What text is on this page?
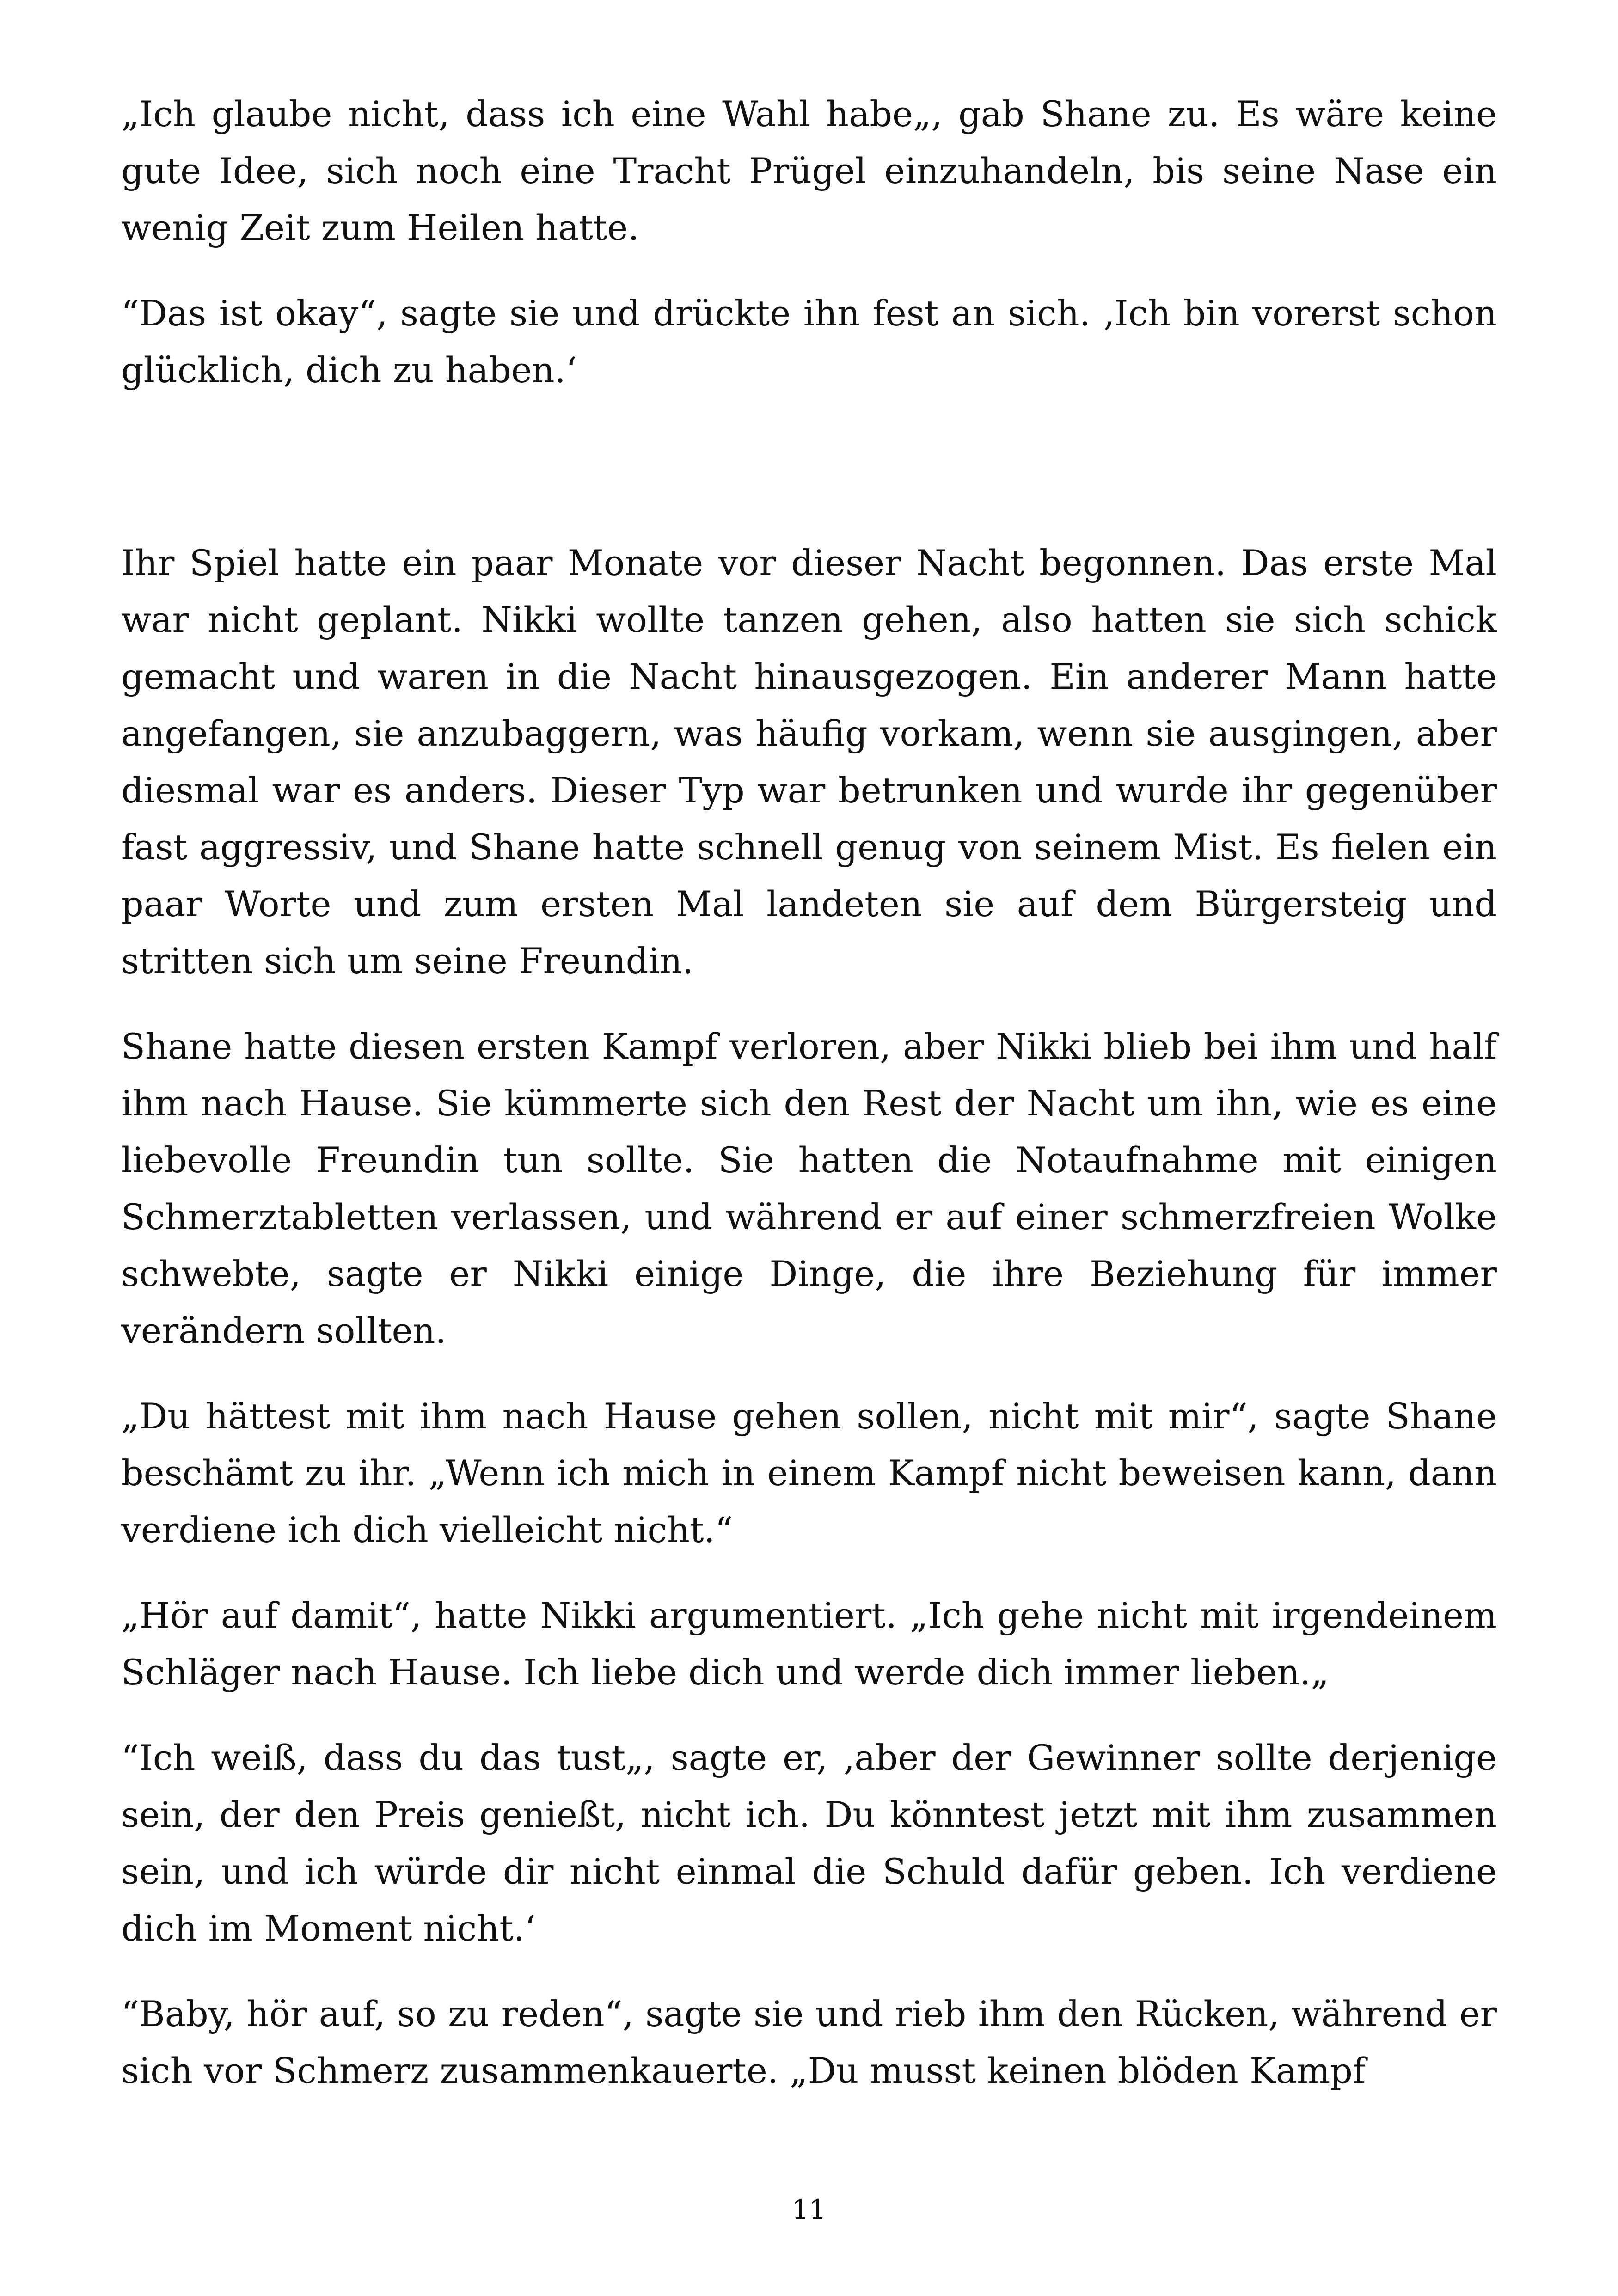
„Ich glaube nicht, dass ich eine Wahl habe„, gab Shane zu. Es wäre keine gute Idee, sich noch eine Tracht Prügel einzuhandeln, bis seine Nase ein wenig Zeit zum Heilen hatte.

“Das ist okay“, sagte sie und drückte ihn fest an sich. ‚Ich bin vorerst schon glücklich, dich zu haben.‘

Ihr Spiel hatte ein paar Monate vor dieser Nacht begonnen. Das erste Mal war nicht geplant. Nikki wollte tanzen gehen, also hatten sie sich schick gemacht und waren in die Nacht hinausgezogen. Ein anderer Mann hatte angefangen, sie anzubaggern, was häufig vorkam, wenn sie ausgingen, aber diesmal war es anders. Dieser Typ war betrunken und wurde ihr gegenüber fast aggressiv, und Shane hatte schnell genug von seinem Mist. Es fielen ein paar Worte und zum ersten Mal landeten sie auf dem Bürgersteig und stritten sich um seine Freundin.

Shane hatte diesen ersten Kampf verloren, aber Nikki blieb bei ihm und half ihm nach Hause. Sie kümmerte sich den Rest der Nacht um ihn, wie es eine liebevolle Freundin tun sollte. Sie hatten die Notaufnahme mit einigen Schmerztabletten verlassen, und während er auf einer schmerzfreien Wolke schwebte, sagte er Nikki einige Dinge, die ihre Beziehung für immer verändern sollten.

„Du hättest mit ihm nach Hause gehen sollen, nicht mit mir“, sagte Shane beschämt zu ihr. „Wenn ich mich in einem Kampf nicht beweisen kann, dann verdiene ich dich vielleicht nicht.“

„Hör auf damit“, hatte Nikki argumentiert. „Ich gehe nicht mit irgendeinem Schläger nach Hause. Ich liebe dich und werde dich immer lieben.„

“Ich weiß, dass du das tust„, sagte er, ‚aber der Gewinner sollte derjenige sein, der den Preis genießt, nicht ich. Du könntest jetzt mit ihm zusammen sein, und ich würde dir nicht einmal die Schuld dafür geben. Ich verdiene dich im Moment nicht.‘

“Baby, hör auf, so zu reden“, sagte sie und rieb ihm den Rücken, während er sich vor Schmerz zusammenkauerte. „Du musst keinen blöden Kampf

11
